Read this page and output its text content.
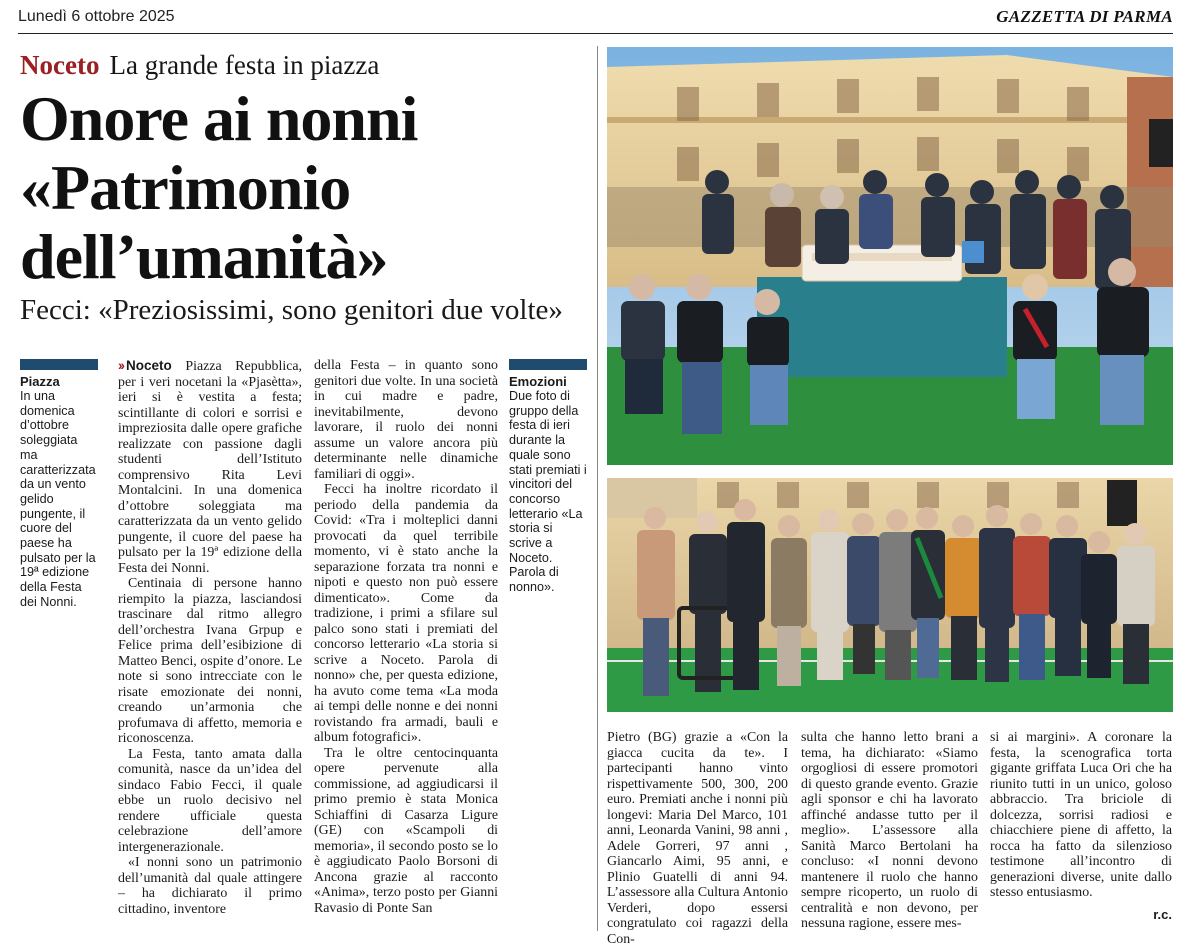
Lunedì 6 ottobre 2025	GAZZETTA DI PARMA
Noceto La grande festa in piazza
Onore ai nonni
«Patrimonio
dell’umanità»
Fecci: «Preziosissimi, sono genitori due volte»
Piazza
In una domenica d’ottobre soleggiata ma caratterizzata da un vento gelido pungente, il cuore del paese ha pulsato per la 19ª edizione della Festa dei Nonni.

›› Noceto Piazza Repubblica, per i veri nocetani la «Pjasètta», ieri si è vestita a festa; scintillante di colori e sorrisi e impreziosita dalle opere grafiche realizzate con passione dagli studenti dell’Istituto comprensivo Rita Levi Montalcini. In una domenica d’ottobre soleggiata ma caratterizzata da un vento gelido pungente, il cuore del paese ha pulsato per la 19ª edizione della Festa dei Nonni.

Centinaia di persone hanno riempito la piazza, lasciandosi trascinare dal ritmo allegro dell’orchestra Ivana Grpup e Felice prima dell’esibizione di Matteo Benci, ospite d’onore. Le note si sono intrecciate con le risate emozionate dei nonni, creando un’armonia che profumava di affetto, memoria e riconoscenza.

La Festa, tanto amata dalla comunità, nasce da un’idea del sindaco Fabio Fecci, il quale ebbe un ruolo decisivo nel rendere ufficiale questa celebrazione dell’amore intergenerazionale.

«I nonni sono un patrimonio dell’umanità dal quale attingere – ha dichiarato il primo cittadino, inventore

della Festa – in quanto sono genitori due volte. In una società in cui madre e padre, inevitabilmente, devono lavorare, il ruolo dei nonni assume un valore ancora più determinante nelle dinamiche familiari di oggi».

Fecci ha inoltre ricordato il periodo della pandemia da Covid: «Tra i molteplici danni provocati da quel terribile momento, vi è stato anche la separazione forzata tra nonni e nipoti e questo non può essere dimenticato». Come da tradizione, i primi a sfilare sul palco sono stati i premiati del concorso letterario «La storia si scrive a Noceto. Parola di nonno» che, per questa edizione, ha avuto come tema «La moda ai tempi delle nonne e dei nonni rovistando fra armadi, bauli e album fotografici».

Tra le oltre centocinquanta opere pervenute alla commissione, ad aggiudicarsi il primo premio è stata Monica Schiaffini di Casarza Ligure (GE) con «Scampoli di memoria», il secondo posto se lo è aggiudicato Paolo Borsoni di Ancona grazie al racconto «Anima», terzo posto per Gianni Ravasio di Ponte San

Emozioni
Due foto di gruppo della festa di ieri durante la quale sono stati premiati i vincitori del concorso letterario «La storia si scrive a Noceto. Parola di nonno».

Pietro (BG) grazie a «Con la giacca cucita da te». I partecipanti hanno vinto rispettivamente 500, 300, 200 euro. Premiati anche i nonni più longevi: Maria Del Marco, 101 anni, Leonarda Vanini, 98 anni , Adele Gorreri, 97 anni , Giancarlo Aimi, 95 anni, e Plinio Guatelli di anni 94. L’assessore alla Cultura Antonio Verderi, dopo essersi congratulato coi ragazzi della Con-

sulta che hanno letto brani a tema, ha dichiarato: «Siamo orgogliosi di essere promotori di questo grande evento. Grazie agli sponsor e chi ha lavorato affinché andasse tutto per il meglio». L’assessore alla Sanità Marco Bertolani ha concluso: «I nonni devono mantenere il ruolo che hanno sempre ricoperto, un ruolo di centralità e non devono, per nessuna ragione, essere mes-

si ai margini». A coronare la festa, la scenografica torta gigante griffata Luca Ori che ha riunito tutti in un unico, goloso abbraccio. Tra briciole di dolcezza, sorrisi radiosi e chiacchiere piene di affetto, la rocca ha fatto da silenzioso testimone all’incontro di generazioni diverse, unite dallo stesso entusiasmo.

r.c.
